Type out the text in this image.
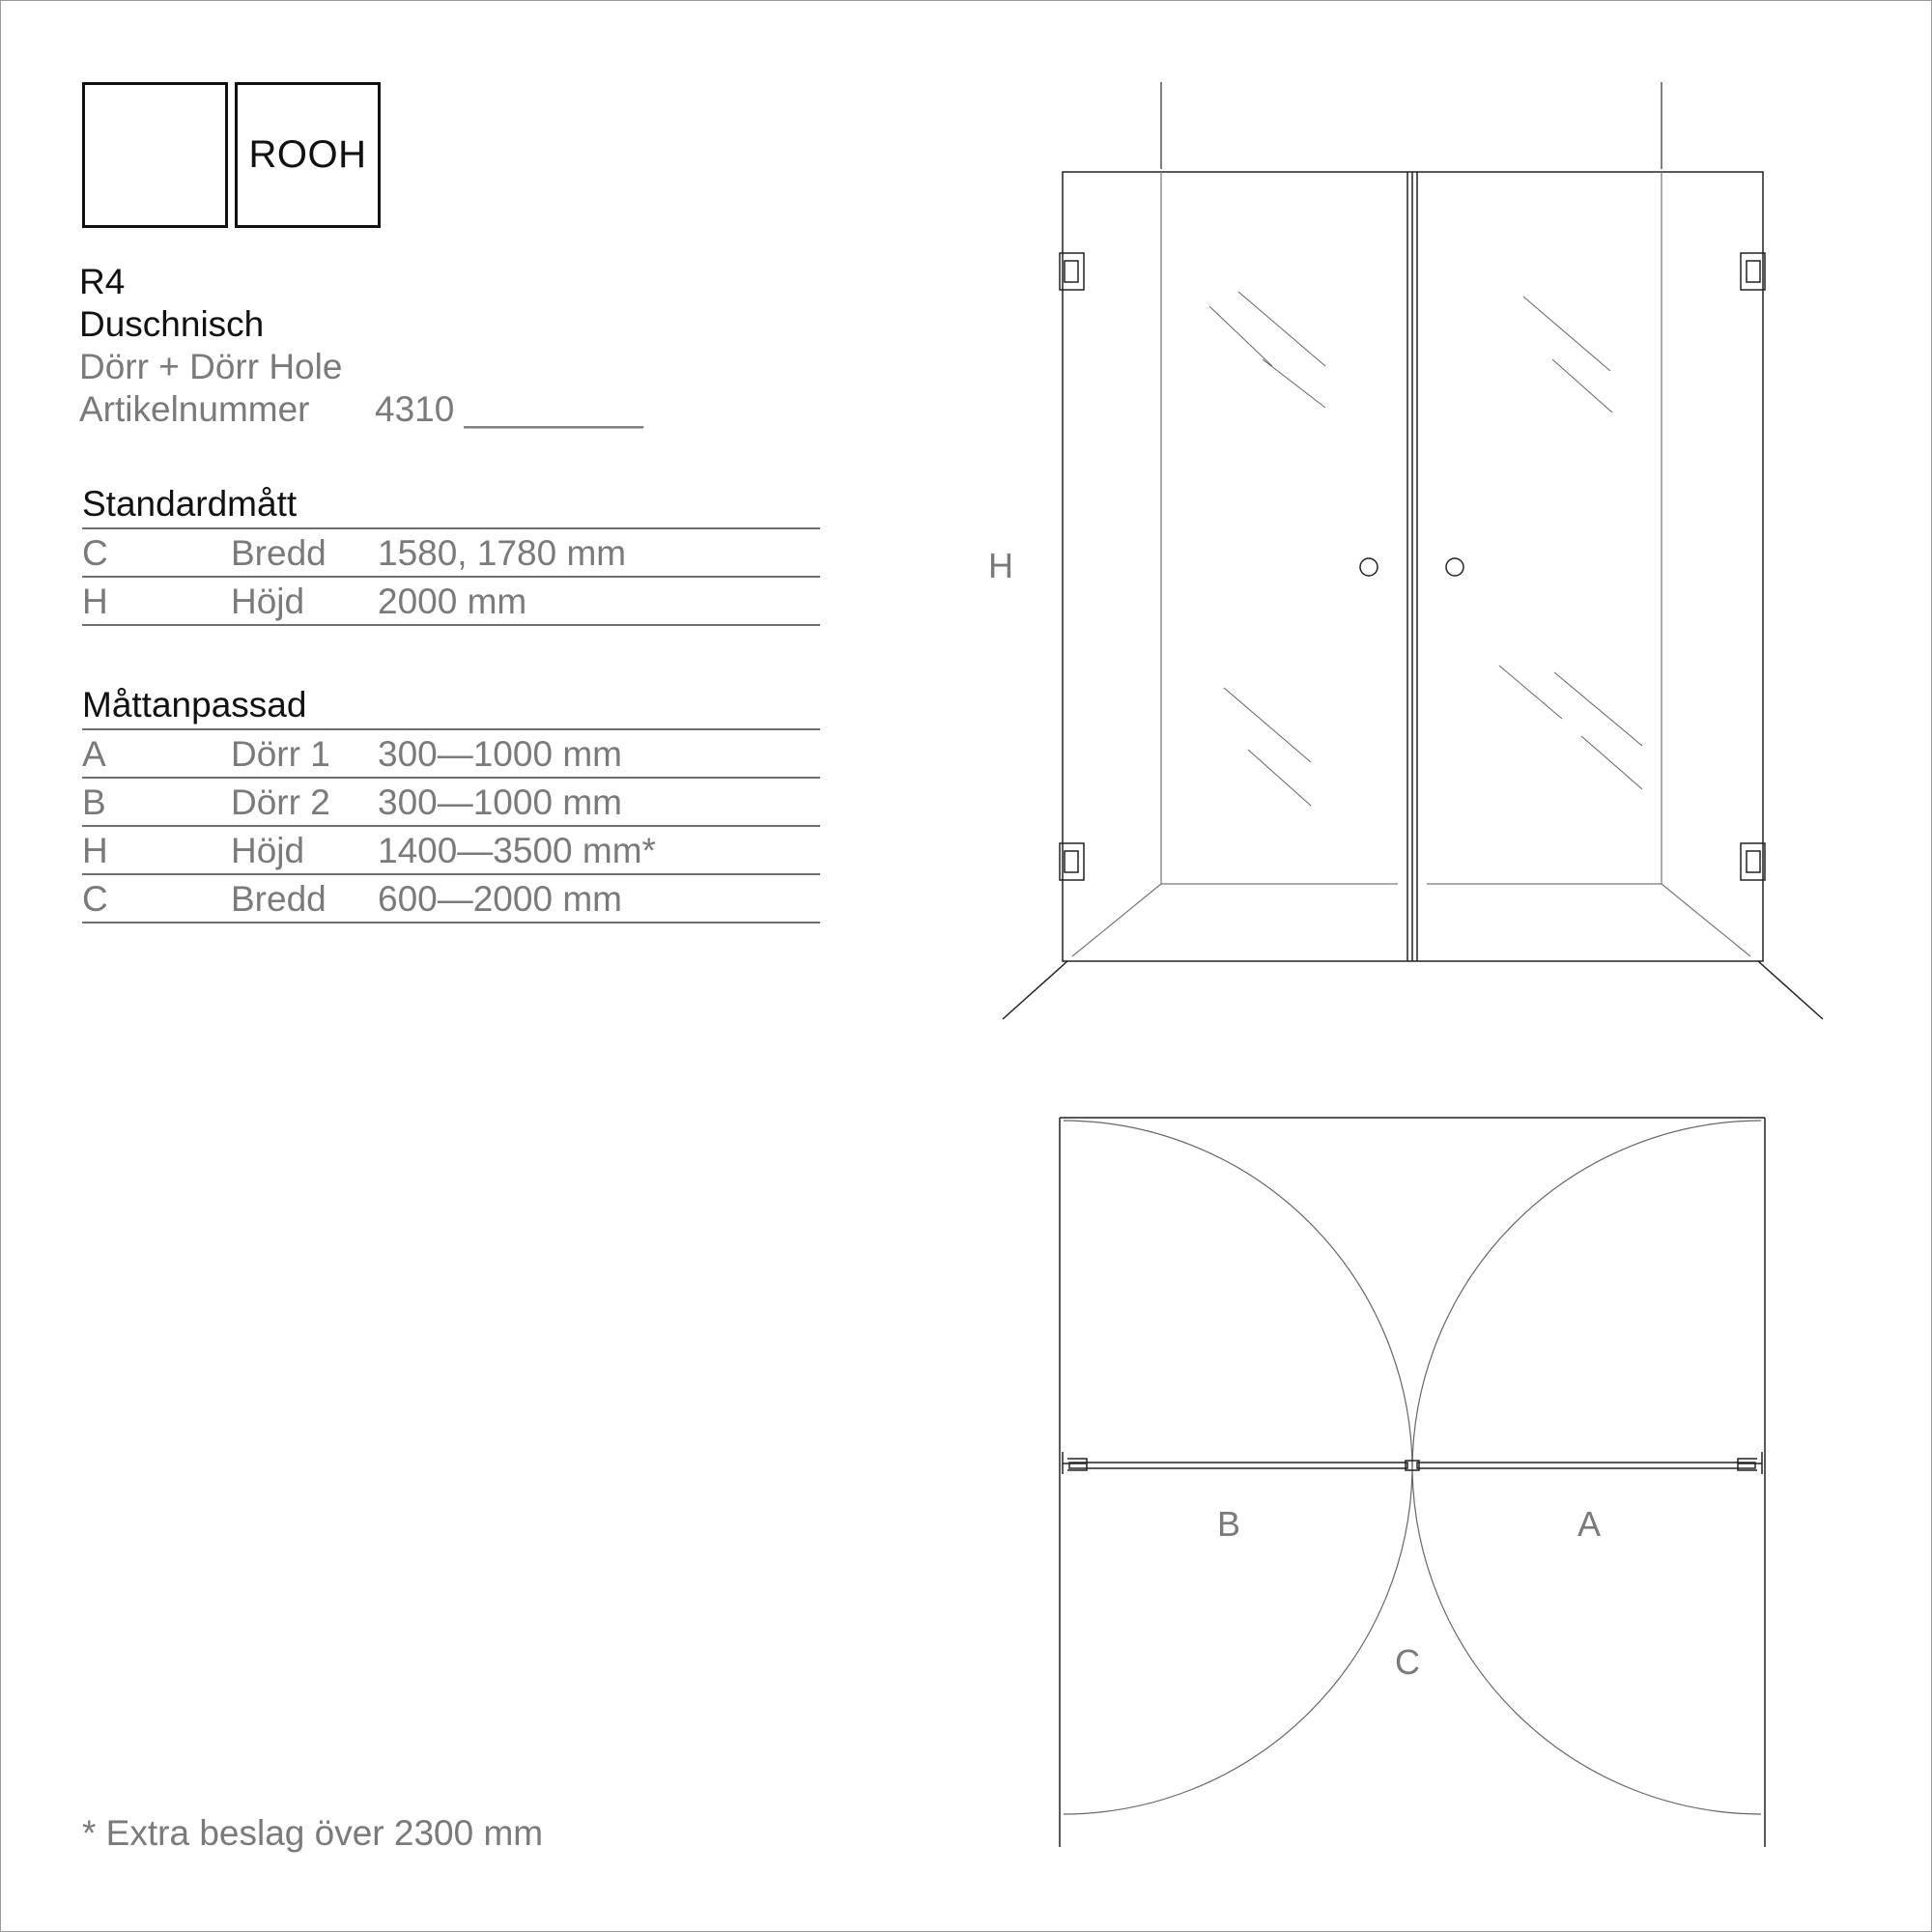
ROOH
R4
Duschnisch
Dörr + Dörr Hole
Artikelnummer 4310 _________
Standardmått
C	Bredd	1580, 1780 mm
H	Höjd	2000 mm
Måttanpassad
A	Dörr 1	300—1000 mm
B	Dörr 2	300—1000 mm
H	Höjd	1400—3500 mm*
C	Bredd	600—2000 mm
* Extra beslag över 2300 mm
H
B	A
C
